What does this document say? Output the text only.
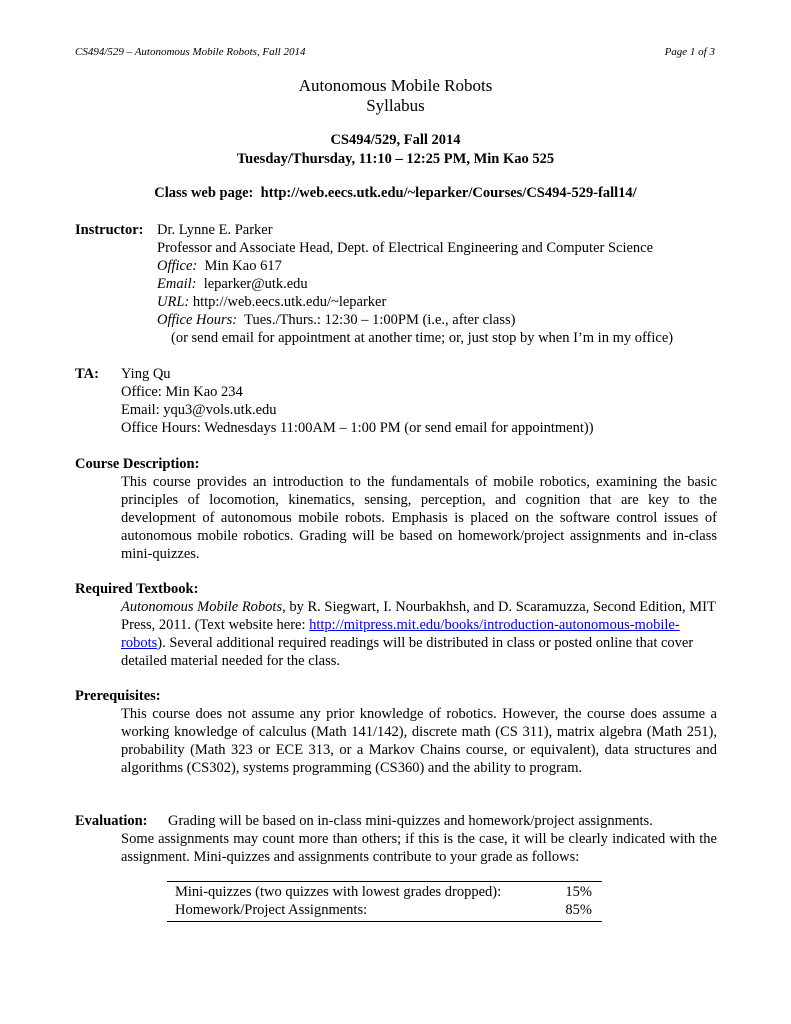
CS494/529 – Autonomous Mobile Robots, Fall 2014	Page 1 of 3
Autonomous Mobile Robots
Syllabus
CS494/529, Fall 2014
Tuesday/Thursday, 11:10 – 12:25 PM, Min Kao 525
Class web page: http://web.eecs.utk.edu/~leparker/Courses/CS494-529-fall14/
Instructor: Dr. Lynne E. Parker
Professor and Associate Head, Dept. of Electrical Engineering and Computer Science
Office: Min Kao 617
Email: leparker@utk.edu
URL: http://web.eecs.utk.edu/~leparker
Office Hours: Tues./Thurs.: 12:30 – 1:00PM (i.e., after class)
(or send email for appointment at another time; or, just stop by when I’m in my office)
TA: Ying Qu
Office: Min Kao 234
Email: yqu3@vols.utk.edu
Office Hours: Wednesdays 11:00AM – 1:00 PM (or send email for appointment))
Course Description:
This course provides an introduction to the fundamentals of mobile robotics, examining the basic principles of locomotion, kinematics, sensing, perception, and cognition that are key to the development of autonomous mobile robots. Emphasis is placed on the software control issues of autonomous mobile robotics. Grading will be based on homework/project assignments and in-class mini-quizzes.
Required Textbook:
Autonomous Mobile Robots, by R. Siegwart, I. Nourbakhsh, and D. Scaramuzza, Second Edition, MIT Press, 2011. (Text website here: http://mitpress.mit.edu/books/introduction-autonomous-mobile-robots). Several additional required readings will be distributed in class or posted online that cover detailed material needed for the class.
Prerequisites:
This course does not assume any prior knowledge of robotics. However, the course does assume a working knowledge of calculus (Math 141/142), discrete math (CS 311), matrix algebra (Math 251), probability (Math 323 or ECE 313, or a Markov Chains course, or equivalent), data structures and algorithms (CS302), systems programming (CS360) and the ability to program.
Evaluation: Grading will be based on in-class mini-quizzes and homework/project assignments.
Some assignments may count more than others; if this is the case, it will be clearly indicated with the assignment. Mini-quizzes and assignments contribute to your grade as follows:
Mini-quizzes (two quizzes with lowest grades dropped):	15%
Homework/Project Assignments:	85%
